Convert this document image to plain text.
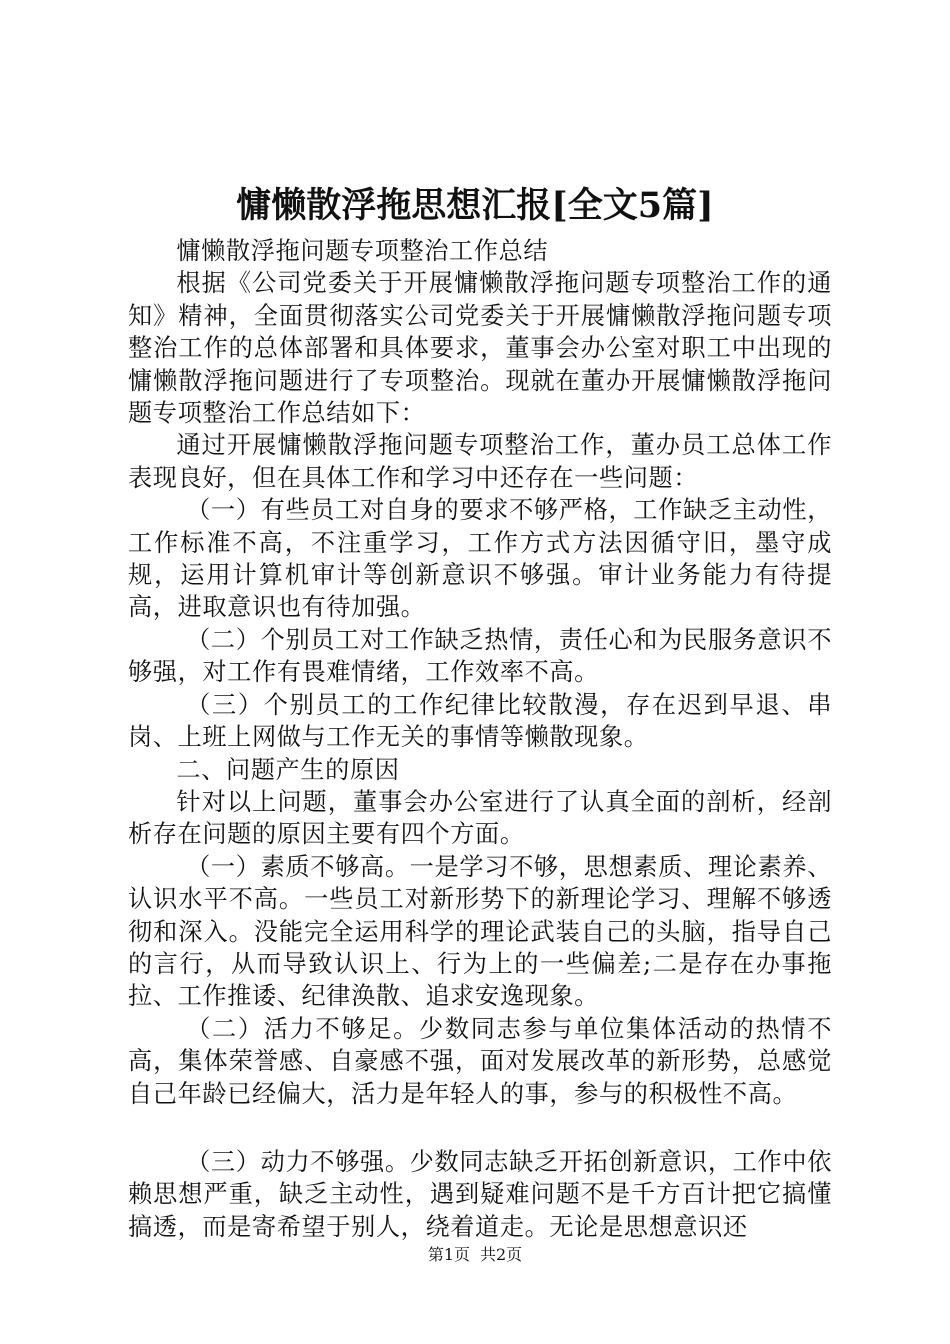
慵懒散浮拖思想汇报[全文5篇]

慵懒散浮拖问题专项整治工作总结

根据《公司党委关于开展慵懒散浮拖问题专项整治工作的通知》精神，全面贯彻落实公司党委关于开展慵懒散浮拖问题专项整治工作的总体部署和具体要求，董事会办公室对职工中出现的慵懒散浮拖问题进行了专项整治。现就在董办开展慵懒散浮拖问题专项整治工作总结如下：

通过开展慵懒散浮拖问题专项整治工作，董办员工总体工作表现良好，但在具体工作和学习中还存在一些问题：

（一）有些员工对自身的要求不够严格，工作缺乏主动性，工作标准不高，不注重学习，工作方式方法因循守旧，墨守成规，运用计算机审计等创新意识不够强。审计业务能力有待提高，进取意识也有待加强。

（二）个别员工对工作缺乏热情，责任心和为民服务意识不够强，对工作有畏难情绪，工作效率不高。

（三）个别员工的工作纪律比较散漫，存在迟到早退、串岗、上班上网做与工作无关的事情等懒散现象。

二、问题产生的原因

针对以上问题，董事会办公室进行了认真全面的剖析，经剖析存在问题的原因主要有四个方面。

（一）素质不够高。一是学习不够，思想素质、理论素养、认识水平不高。一些员工对新形势下的新理论学习、理解不够透彻和深入。没能完全运用科学的理论武装自己的头脑，指导自己的言行，从而导致认识上、行为上的一些偏差;二是存在办事拖拉、工作推诿、纪律涣散、追求安逸现象。

（二）活力不够足。少数同志参与单位集体活动的热情不高，集体荣誉感、自豪感不强，面对发展改革的新形势，总感觉自己年龄已经偏大，活力是年轻人的事，参与的积极性不高。

（三）动力不够强。少数同志缺乏开拓创新意识，工作中依赖思想严重，缺乏主动性，遇到疑难问题不是千方百计把它搞懂搞透，而是寄希望于别人，绕着道走。无论是思想意识还

第1页 共2页
